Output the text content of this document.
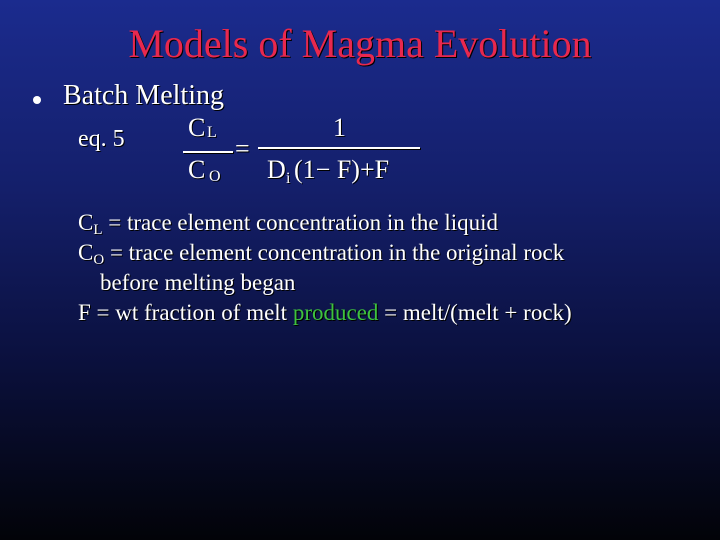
Models of Magma Evolution
Batch Melting
eq. 5 C L
C O
=
1
D i (1− F)+F
$C_L$ = trace element concentration in the liquid
$C_O$ = trace element concentration in the original rock
before melting began
F = wt fraction of melt produced = melt/(melt + rock)
